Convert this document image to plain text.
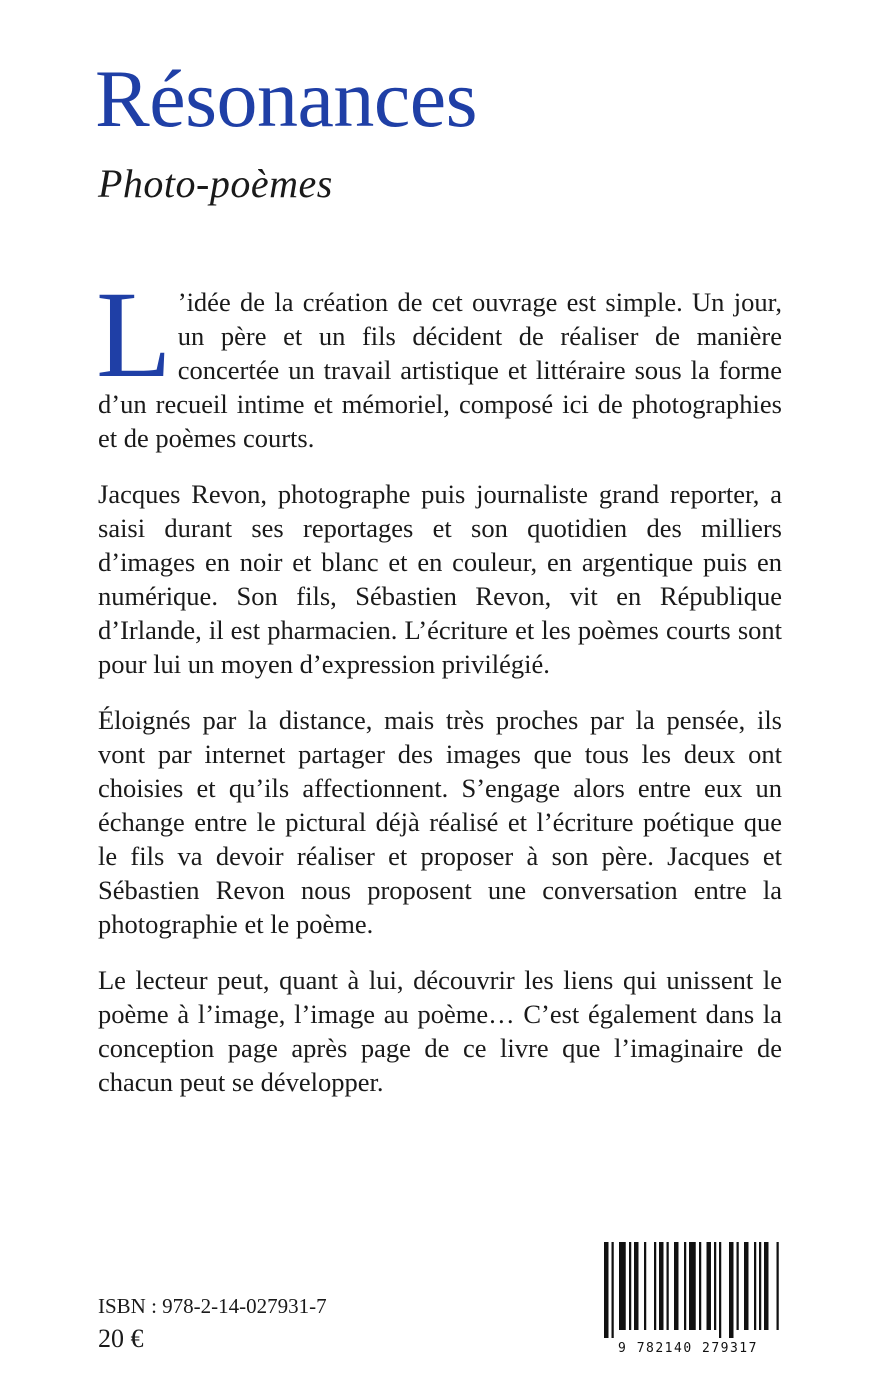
Résonances
Photo-poèmes

L ’idée de la création de cet ouvrage est simple. Un jour, un père et un fils décident de réaliser de manière concertée un travail artistique et littéraire sous la forme d’un recueil intime et mémoriel, composé ici de photographies et de poèmes courts.

Jacques Revon, photographe puis journaliste grand reporter, a saisi durant ses reportages et son quotidien des milliers d’images en noir et blanc et en couleur, en argentique puis en numérique. Son fils, Sébastien Revon, vit en République d’Irlande, il est pharmacien. L’écriture et les poèmes courts sont pour lui un moyen d’expression privilégié.

Éloignés par la distance, mais très proches par la pensée, ils vont par internet partager des images que tous les deux ont choisies et qu’ils affectionnent. S’engage alors entre eux un échange entre le pictural déjà réalisé et l’écriture poétique que le fils va devoir réaliser et proposer à son père. Jacques et Sébastien Revon nous proposent une conversation entre la photographie et le poème.

Le lecteur peut, quant à lui, découvrir les liens qui unissent le poème à l’image, l’image au poème… C’est également dans la conception page après page de ce livre que l’imaginaire de chacun peut se développer.

ISBN : 978-2-14-027931-7
20 €	9 782140 279317
